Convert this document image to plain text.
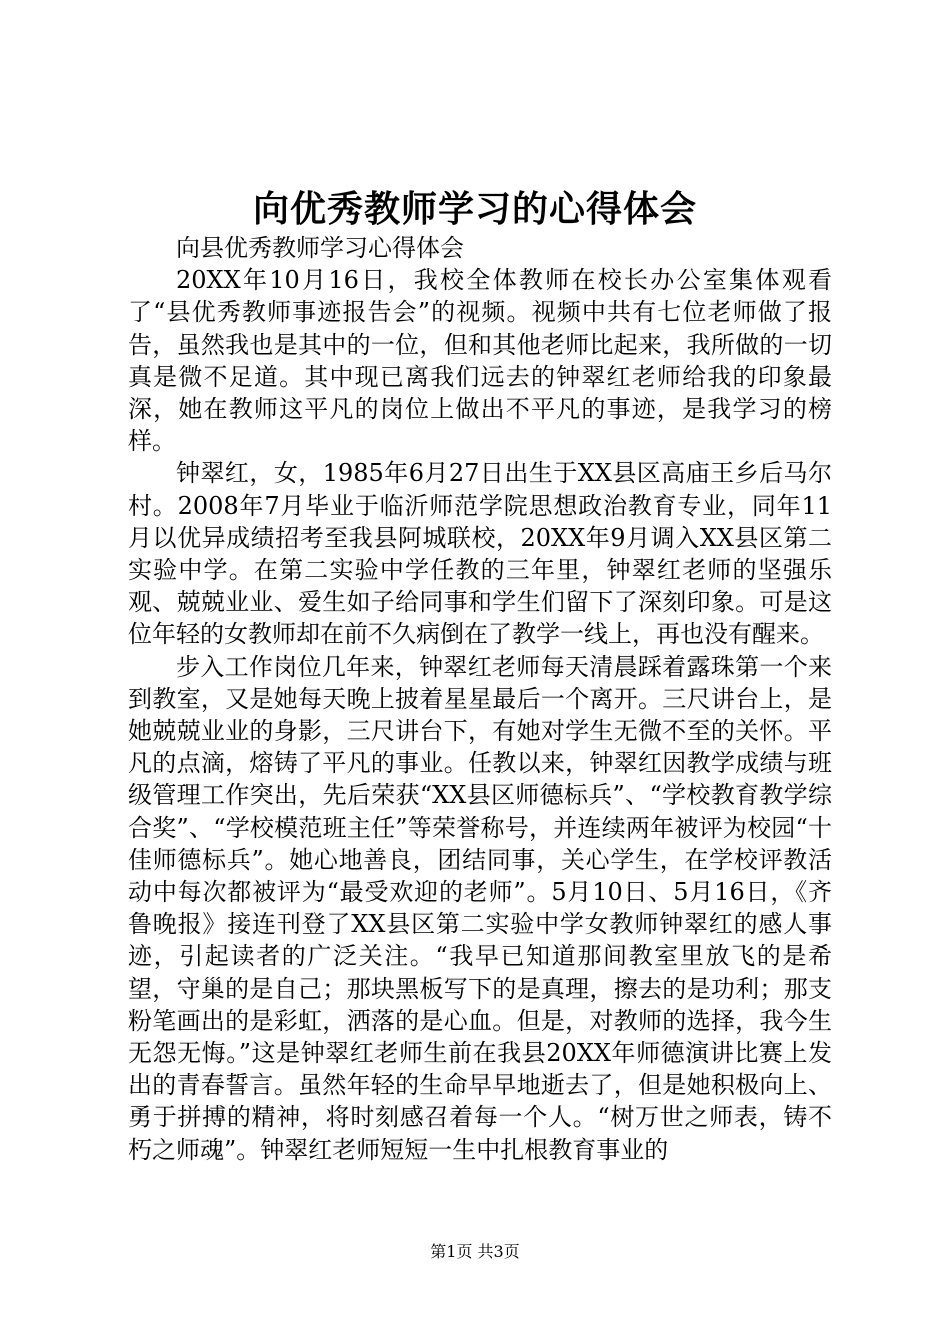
向优秀教师学习的心得体会

向县优秀教师学习心得体会

20XX年10月16日，我校全体教师在校长办公室集体观看了“县优秀教师事迹报告会”的视频。视频中共有七位老师做了报告，虽然我也是其中的一位，但和其他老师比起来，我所做的一切真是微不足道。其中现已离我们远去的钟翠红老师给我的印象最深，她在教师这平凡的岗位上做出不平凡的事迹，是我学习的榜样。

钟翠红，女，1985年6月27日出生于XX县区高庙王乡后马尔村。2008年7月毕业于临沂师范学院思想政治教育专业，同年11月以优异成绩招考至我县阿城联校，20XX年9月调入XX县区第二实验中学。在第二实验中学任教的三年里，钟翠红老师的坚强乐观、兢兢业业、爱生如子给同事和学生们留下了深刻印象。可是这位年轻的女教师却在前不久病倒在了教学一线上，再也没有醒来。

步入工作岗位几年来，钟翠红老师每天清晨踩着露珠第一个来到教室，又是她每天晚上披着星星最后一个离开。三尺讲台上，是她兢兢业业的身影，三尺讲台下，有她对学生无微不至的关怀。平凡的点滴，熔铸了平凡的事业。任教以来，钟翠红因教学成绩与班级管理工作突出，先后荣获“XX县区师德标兵”、“学校教育教学综合奖”、“学校模范班主任”等荣誉称号，并连续两年被评为校园“十佳师德标兵”。她心地善良，团结同事，关心学生，在学校评教活动中每次都被评为“最受欢迎的老师”。5月10日、5月16日，《齐鲁晚报》接连刊登了XX县区第二实验中学女教师钟翠红的感人事迹，引起读者的广泛关注。“我早已知道那间教室里放飞的是希望，守巢的是自己；那块黑板写下的是真理，擦去的是功利；那支粉笔画出的是彩虹，洒落的是心血。但是，对教师的选择，我今生无怨无悔。”这是钟翠红老师生前在我县20XX年师德演讲比赛上发出的青春誓言。虽然年轻的生命早早地逝去了，但是她积极向上、勇于拼搏的精神，将时刻感召着每一个人。“树万世之师表，铸不朽之师魂”。钟翠红老师短短一生中扎根教育事业的

第1页 共3页
